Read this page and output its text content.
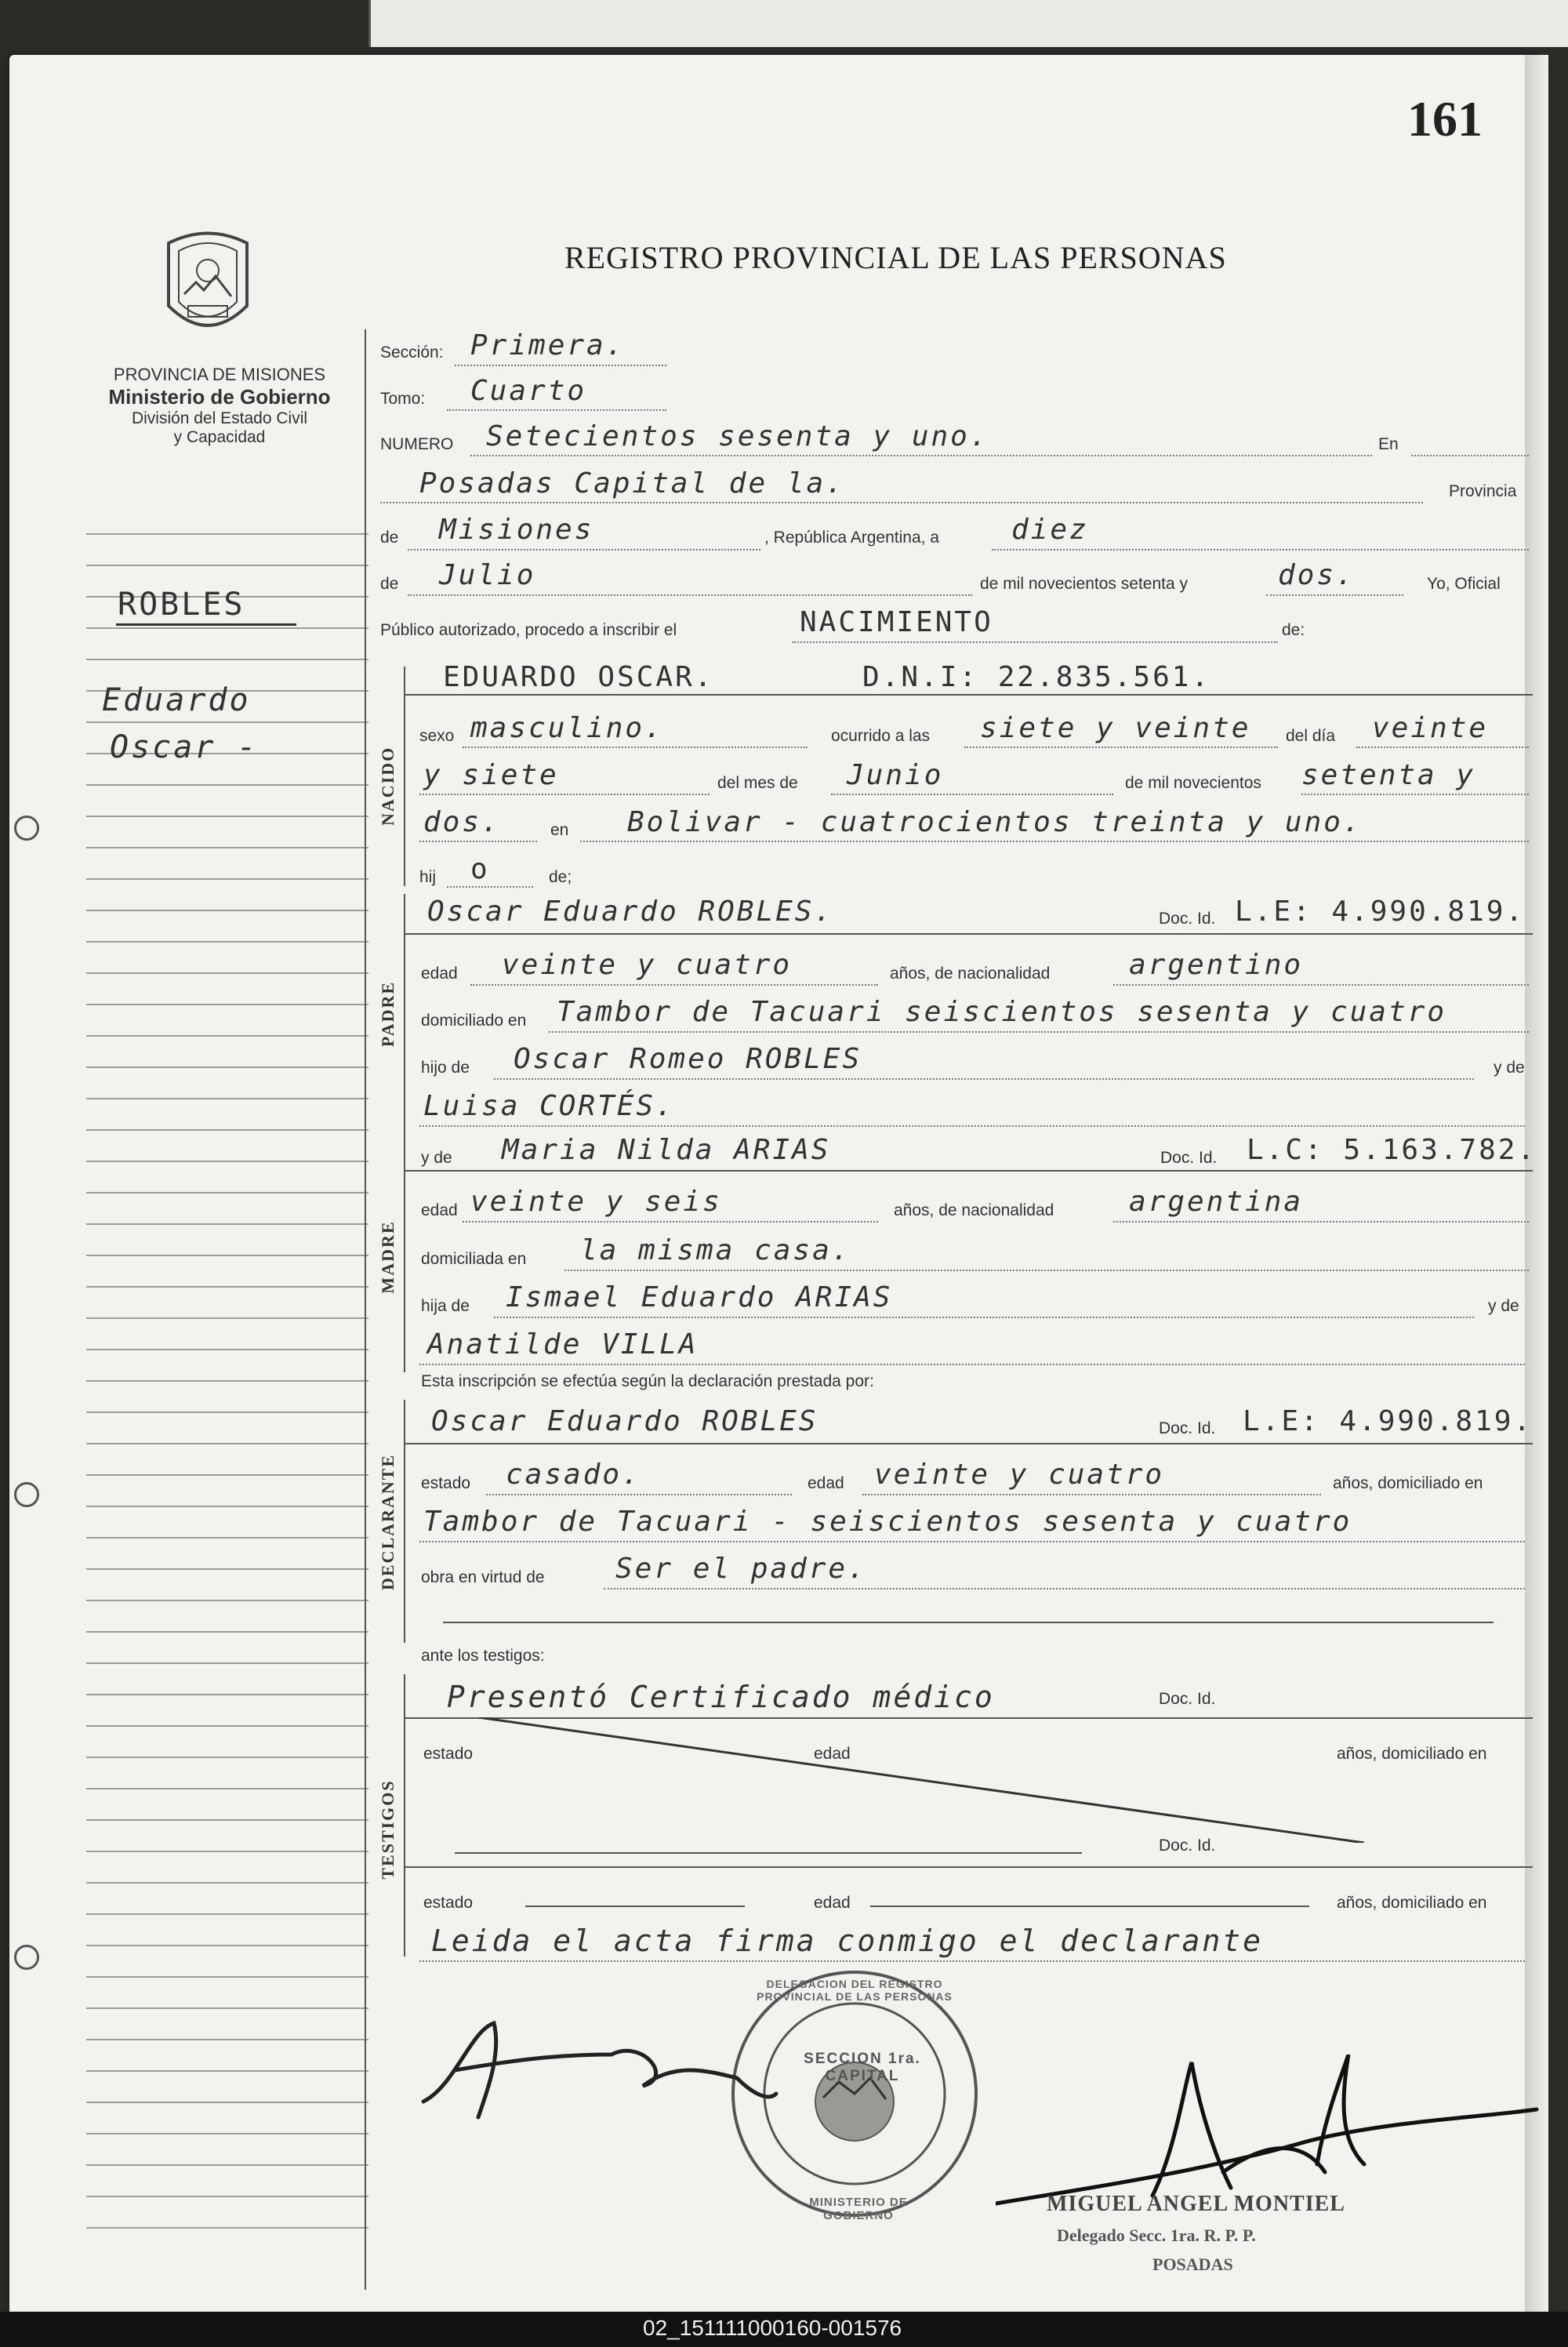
161
REGISTRO PROVINCIAL DE LAS PERSONAS
PROVINCIA DE MISIONES
Ministerio de Gobierno
División del Estado Civil
y Capacidad
ROBLES
Eduardo
Oscar -
Sección: Primera.
Tomo: Cuarto
NUMERO Setecientos sesenta y uno.	En
Posadas Capital de la.	Provincia
de Misiones	, República Argentina, a	diez
de Julio	de mil novecientos setenta y	dos.	Yo, Oficial
Público autorizado, procedo a inscribir el	NACIMIENTO	de:
NACIDO
EDUARDO OSCAR.	D.N.I: 22.835.561.
sexo masculino.	ocurrido a las siete y veinte del día veinte
y siete	del mes de Junio	de mil novecientos setenta y
dos.	en Bolivar - cuatrocientos treinta y uno.
hij o	de;
PADRE
Oscar Eduardo ROBLES.	Doc. Id. L.E: 4.990.819.
edad veinte y cuatro	años, de nacionalidad	argentino
domiciliado en Tambor de Tacuari seiscientos sesenta y cuatro
hijo de Oscar Romeo ROBLES	y de
Luisa CORTÉS.
MADRE
y de Maria Nilda ARIAS	Doc. Id. L.C: 5.163.782.
edad veinte y seis	años, de nacionalidad	argentina
domiciliada en la misma casa.
hija de Ismael Eduardo ARIAS	y de
Anatilde VILLA
Esta inscripción se efectúa según la declaración prestada por:
DECLARANTE
Oscar Eduardo ROBLES	Doc. Id. L.E: 4.990.819.
estado casado.	edad veinte y cuatro	años, domiciliado en
Tambor de Tacuari - seiscientos sesenta y cuatro
obra en virtud de	Ser el padre.
ante los testigos:
TESTIGOS
Presentó Certificado médico	Doc. Id.
estado	edad	años, domiciliado en
Doc. Id.
estado	edad	años, domiciliado en
Leida el acta firma conmigo el declarante
SECCION 1ra. CAPITAL
DELEGACION DEL REGISTRO PROVINCIAL DE LAS PERSONAS
MINISTERIO DE GOBIERNO	MIGUEL ANGEL MONTIEL
Delegado Secc. 1ra. R. P. P.
POSADAS
02_151111000160-001576
